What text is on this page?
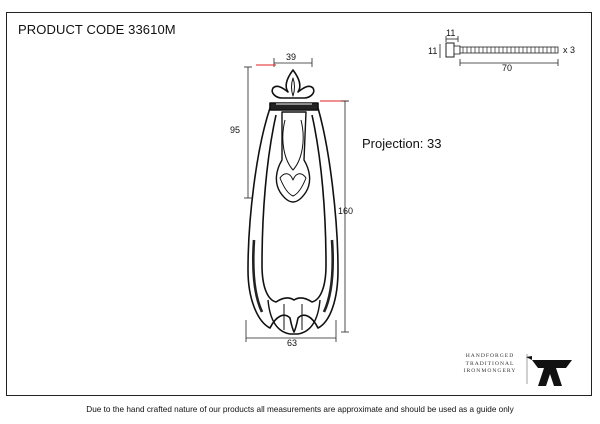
PRODUCT CODE 33610M
Projection: 33
11
11
70
x 3
39
95
160
63
HANDFORGED
TRADITIONAL
IRONMONGERY
Due to the hand crafted nature of our products all measurements are approximate and should be used as a guide only
